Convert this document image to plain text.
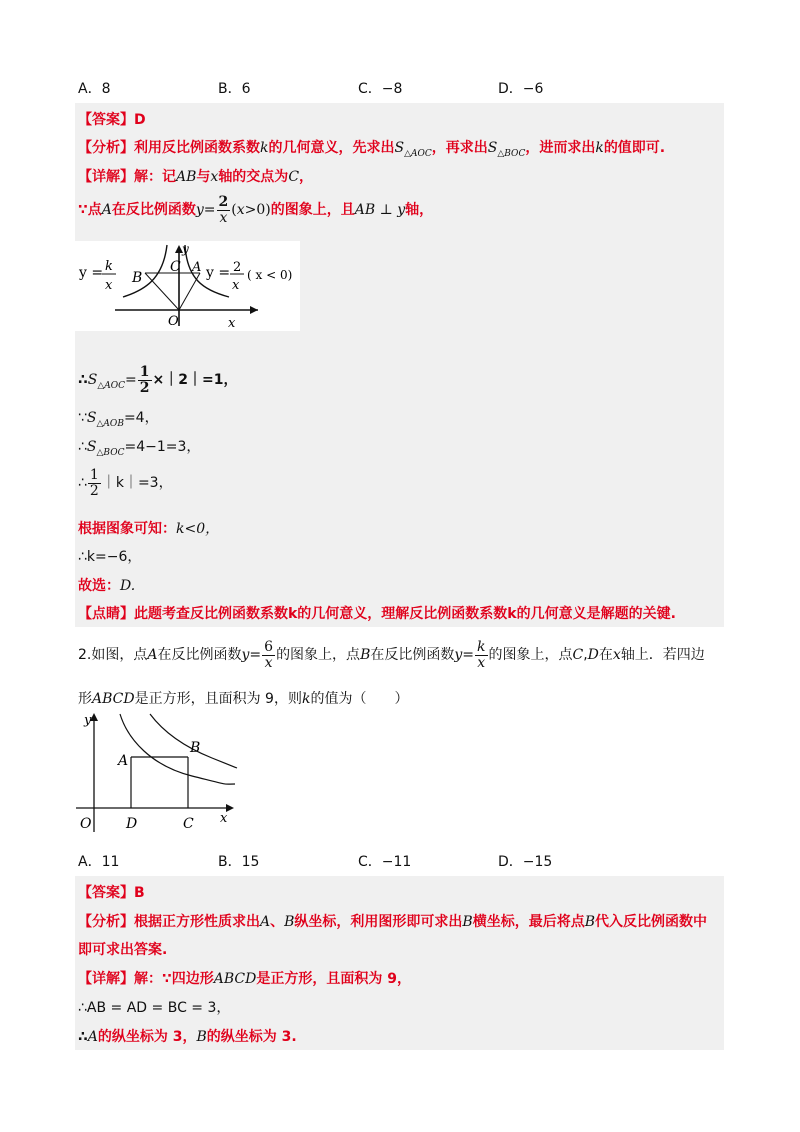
A．8	B．6	C．−8	D．−6
【答案】D
【分析】利用反比例函数系数k的几何意义，先求出$S_{\triangle AOC}$，再求出$S_{\triangle BOC}$，进而求出k的值即可.
【详解】解：记AB与x轴的交点为C，
∵点A在反比例函数$y= \frac{2}{x} (x>0)$的图象上，且AB ⊥ y轴，
y = k
x B
C A y = 2
x
( x < 0)
O
y
x
$\therefore S_{\triangle AOC}= \frac{1}{2}$ ×｜2｜=1，
$\because S_{\triangle AOB}=4$，
$\therefore S_{\triangle BOC}=4-1=3$，
∴ $\frac{1}{2}$ ｜k｜=3，
根据图象可知：k<0，
∴k=−6，
故选：D.
【点睛】此题考查反比例函数系数k的几何意义，理解反比例函数系数k的几何意义是解题的关键.
2.如图，点A在反比例函数$y= \frac{6}{x}$ 的图象上，点B在反比例函数$y= \frac{k}{x}$ 的图象上，点C,D在x轴上．若四边
形ABCD是正方形，且面积为 9，则k的值为（　　）
y
x
A
B
O D	C
A．11	B．15	C．−11	D．−15
【答案】B
【分析】根据正方形性质求出A、B纵坐标，利用图形即可求出B横坐标，最后将点B代入反比例函数中
即可求出答案.
【详解】解：∵四边形ABCD是正方形，且面积为 9，
∴AB = AD = BC = 3，
∴A的纵坐标为 3，B的纵坐标为 3.
